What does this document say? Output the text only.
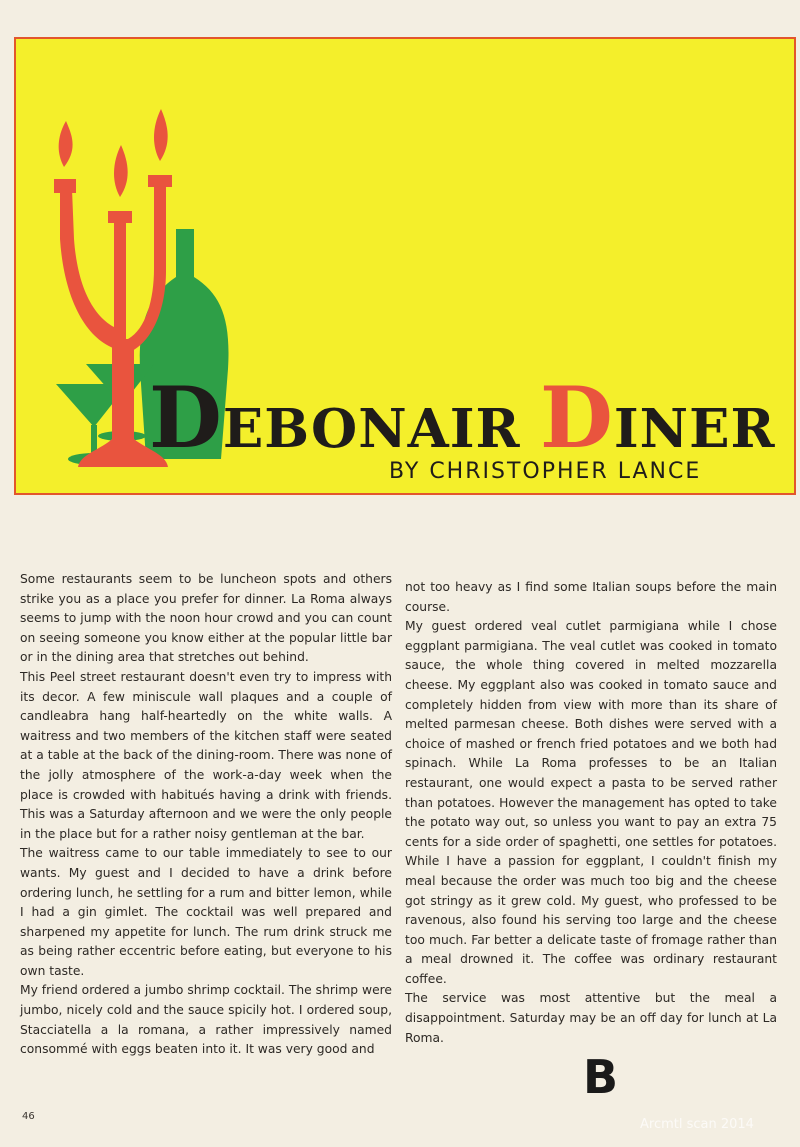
DEBONAIR DINER

BY CHRISTOPHER LANCE

Some restaurants seem to be luncheon spots and others strike you as a place you prefer for dinner. La Roma always seems to jump with the noon hour crowd and you can count on seeing someone you know either at the popular little bar or in the dining area that stretches out behind.

This Peel street restaurant doesn't even try to impress with its decor. A few miniscule wall plaques and a couple of candleabra hang half-heartedly on the white walls. A waitress and two members of the kitchen staff were seated at a table at the back of the dining-room. There was none of the jolly atmosphere of the work-a-day week when the place is crowded with habitués having a drink with friends. This was a Saturday afternoon and we were the only people in the place but for a rather noisy gentleman at the bar.

The waitress came to our table immediately to see to our wants. My guest and I decided to have a drink before ordering lunch, he settling for a rum and bitter lemon, while I had a gin gimlet. The cocktail was well prepared and sharpened my appetite for lunch. The rum drink struck me as being rather eccentric before eating, but everyone to his own taste.

My friend ordered a jumbo shrimp cocktail. The shrimp were jumbo, nicely cold and the sauce spicily hot. I ordered soup, Stacciatella a la romana, a rather impressively named consommé with eggs beaten into it. It was very good and

not too heavy as I find some Italian soups before the main course.

My guest ordered veal cutlet parmigiana while I chose eggplant parmigiana. The veal cutlet was cooked in tomato sauce, the whole thing covered in melted mozzarella cheese. My eggplant also was cooked in tomato sauce and completely hidden from view with more than its share of melted parmesan cheese. Both dishes were served with a choice of mashed or french fried potatoes and we both had spinach. While La Roma professes to be an Italian restaurant, one would expect a pasta to be served rather than potatoes. However the management has opted to take the potato way out, so unless you want to pay an extra 75 cents for a side order of spaghetti, one settles for potatoes. While I have a passion for eggplant, I couldn't finish my meal because the order was much too big and the cheese got stringy as it grew cold. My guest, who professed to be ravenous, also found his serving too large and the cheese too much. Far better a delicate taste of fromage rather than a meal drowned it. The coffee was ordinary restaurant coffee.

The service was most attentive but the meal a disappointment. Saturday may be an off day for lunch at La Roma.

B

46

Arcmtl scan 2014
